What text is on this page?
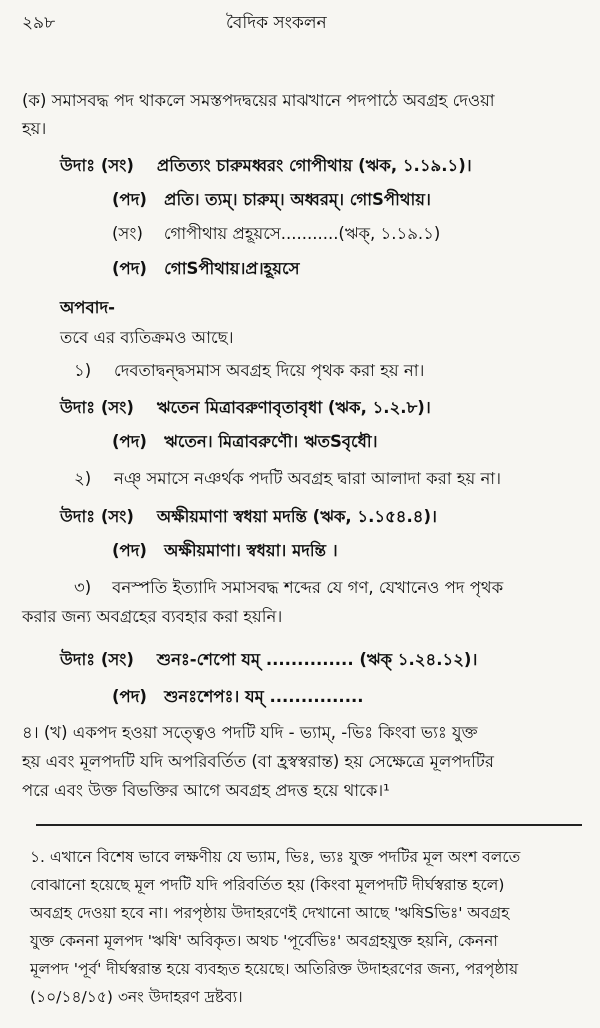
২৯৮	বৈদিক সংকলন
(ক) সমাসবদ্ধ পদ থাকলে সমস্তপদদ্বয়ের মাঝখানে পদপাঠে অবগ্রহ দেওয়া
হয়।
উদাঃ (সং)    প্রতিত্যং চারুমধ্বরং গোপীথায় (ঋক, ১.১৯.১)।
(পদ)   প্রতি। ত্যম্। চারুম্। অধ্বরম্। গোSপীথায়।
(সং)    গোপীথায় প্রহূয়সে...........(ঋক্, ১.১৯.১)
(পদ)   গোSপীথায়।প্র।হূয়সে
অপবাদ-
তবে এর ব্যতিক্রমও আছে।
১) দেবতাদ্বন্দ্বসমাস অবগ্রহ দিয়ে পৃথক করা হয় না।
উদাঃ (সং)    ঋতেন মিত্রাবরুণাবৃতাবৃধা (ঋক, ১.২.৮)।
(পদ)   ঋতেন। মিত্রাবরুণৌ। ঋতSবৃধৌ।
২) নঞ্ সমাসে নঞর্থক পদটি অবগ্রহ দ্বারা আলাদা করা হয় না।
উদাঃ (সং)    অক্ষীয়মাণা স্বধয়া মদন্তি (ঋক, ১.১৫৪.৪)।
(পদ)   অক্ষীয়মাণা। স্বধয়া। মদন্তি ।
৩)    বনস্পতি ইত্যাদি সমাসবদ্ধ শব্দের যে গণ, যেখানেও পদ পৃথক
করার জন্য অবগ্রহের ব্যবহার করা হয়নি।
উদাঃ (সং)    শুনঃ-শেপো যম্ .............. (ঋক্ ১.২৪.১২)।
(পদ)   শুনঃশেপঃ। যম্ ...............
৪। (খ) একপদ হওয়া সত্ত্বেও পদটি যদি - ভ্যাম্, -ভিঃ কিংবা ভ্যঃ যুক্ত
হয় এবং মূলপদটি যদি অপরিবর্তিত (বা হ্রস্বস্বরান্ত) হয় সেক্ষেত্রে মূলপদটির
পরে এবং উক্ত বিভক্তির আগে অবগ্রহ প্রদত্ত হয়ে থাকে।¹
১. এখানে বিশেষ ভাবে লক্ষণীয় যে ভ্যাম, ভিঃ, ভ্যঃ যুক্ত পদটির মূল অংশ বলতে
বোঝানো হয়েছে মূল পদটি যদি পরিবর্তিত হয় (কিংবা মূলপদটি দীর্ঘস্বরান্ত হলে)
অবগ্রহ দেওয়া হবে না। পরপৃষ্ঠায় উদাহরণেই দেখানো আছে 'ঋষিSভিঃ' অবগ্রহ
যুক্ত কেননা মূলপদ 'ঋষি' অবিকৃত। অথচ 'পূর্বেভিঃ' অবগ্রহযুক্ত হয়নি, কেননা
মূলপদ 'পূর্ব' দীর্ঘস্বরান্ত হয়ে ব্যবহৃত হয়েছে। অতিরিক্ত উদাহরণের জন্য, পরপৃষ্ঠায়
(১০/১৪/১৫) ৩নং উদাহরণ দ্রষ্টব্য।
